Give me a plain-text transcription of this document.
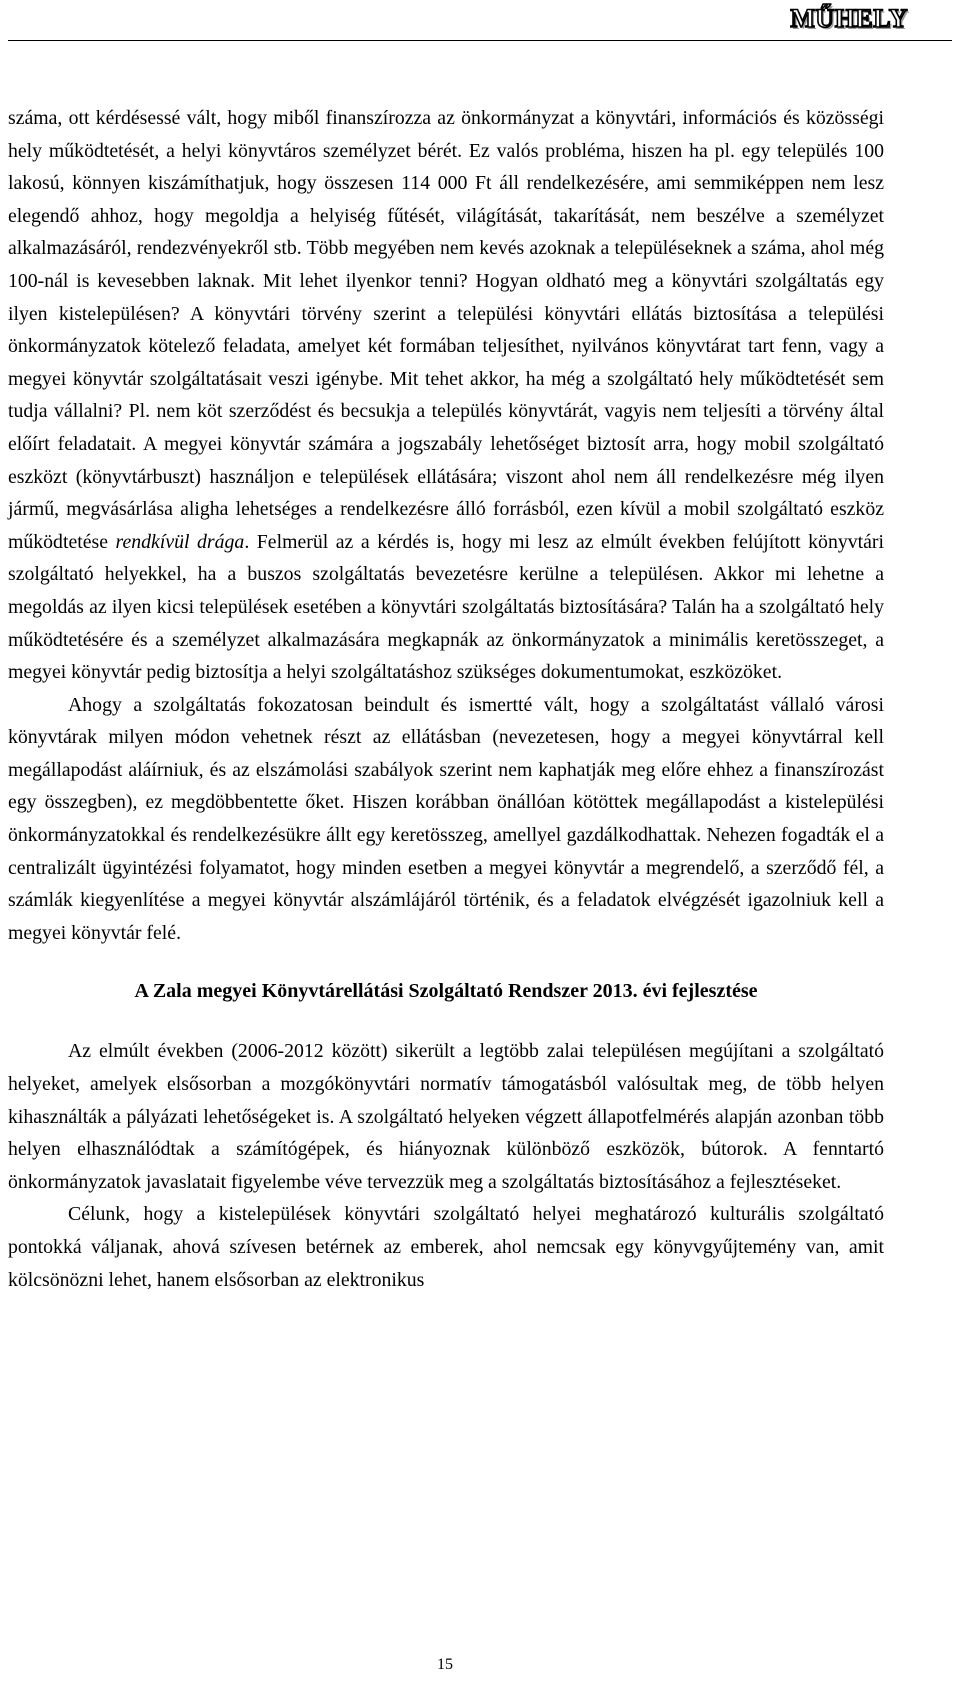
MŰHELY

száma, ott kérdésessé vált, hogy miből finanszírozza az önkormányzat a könyvtári, információs és közösségi hely működtetését, a helyi könyvtáros személyzet bérét. Ez valós probléma, hiszen ha pl. egy település 100 lakosú, könnyen kiszámíthatjuk, hogy összesen 114 000 Ft áll rendelkezésére, ami semmiképpen nem lesz elegendő ahhoz, hogy megoldja a helyiség fűtését, világítását, takarítását, nem beszélve a személyzet alkalmazásáról, rendezvényekről stb. Több megyében nem kevés azoknak a településeknek a száma, ahol még 100-nál is kevesebben laknak. Mit lehet ilyenkor tenni? Hogyan oldható meg a könyvtári szolgáltatás egy ilyen kistelepülésen? A könyvtári törvény szerint a települési könyvtári ellátás biztosítása a települési önkormányzatok kötelező feladata, amelyet két formában teljesíthet, nyilvános könyvtárat tart fenn, vagy a megyei könyvtár szolgáltatásait veszi igénybe. Mit tehet akkor, ha még a szolgáltató hely működtetését sem tudja vállalni? Pl. nem köt szerződést és becsukja a település könyvtárát, vagyis nem teljesíti a törvény által előírt feladatait. A megyei könyvtár számára a jogszabály lehetőséget biztosít arra, hogy mobil szolgáltató eszközt (könyvtárbuszt) használjon e települések ellátására; viszont ahol nem áll rendelkezésre még ilyen jármű, megvásárlása aligha lehetséges a rendelkezésre álló forrásból, ezen kívül a mobil szolgáltató eszköz működtetése rendkívül drága. Felmerül az a kérdés is, hogy mi lesz az elmúlt években felújított könyvtári szolgáltató helyekkel, ha a buszos szolgáltatás bevezetésre kerülne a településen. Akkor mi lehetne a megoldás az ilyen kicsi települések esetében a könyvtári szolgáltatás biztosítására? Talán ha a szolgáltató hely működtetésére és a személyzet alkalmazására megkapnák az önkormányzatok a minimális keretösszeget, a megyei könyvtár pedig biztosítja a helyi szolgáltatáshoz szükséges dokumentumokat, eszközöket.

Ahogy a szolgáltatás fokozatosan beindult és ismertté vált, hogy a szolgáltatást vállaló városi könyvtárak milyen módon vehetnek részt az ellátásban (nevezetesen, hogy a megyei könyvtárral kell megállapodást aláírniuk, és az elszámolási szabályok szerint nem kaphatják meg előre ehhez a finanszírozást egy összegben), ez megdöbbentette őket. Hiszen korábban önállóan kötöttek megállapodást a kistelepülési önkormányzatokkal és rendelkezésükre állt egy keretösszeg, amellyel gazdálkodhattak. Nehezen fogadták el a centralizált ügyintézési folyamatot, hogy minden esetben a megyei könyvtár a megrendelő, a szerződő fél, a számlák kiegyenlítése a megyei könyvtár alszámlájáról történik, és a feladatok elvégzését igazolniuk kell a megyei könyvtár felé.

A Zala megyei Könyvtárellátási Szolgáltató Rendszer 2013. évi fejlesztése

Az elmúlt években (2006-2012 között) sikerült a legtöbb zalai településen megújítani a szolgáltató helyeket, amelyek elsősorban a mozgókönyvtári normatív támogatásból valósultak meg, de több helyen kihasználták a pályázati lehetőségeket is. A szolgáltató helyeken végzett állapotfelmérés alapján azonban több helyen elhasználódtak a számítógépek, és hiányoznak különböző eszközök, bútorok. A fenntartó önkormányzatok javaslatait figyelembe véve tervezzük meg a szolgáltatás biztosításához a fejlesztéseket.

Célunk, hogy a kistelepülések könyvtári szolgáltató helyei meghatározó kulturális szolgáltató pontokká váljanak, ahová szívesen betérnek az emberek, ahol nemcsak egy könyvgyűjtemény van, amit kölcsönözni lehet, hanem elsősorban az elektronikus

15
